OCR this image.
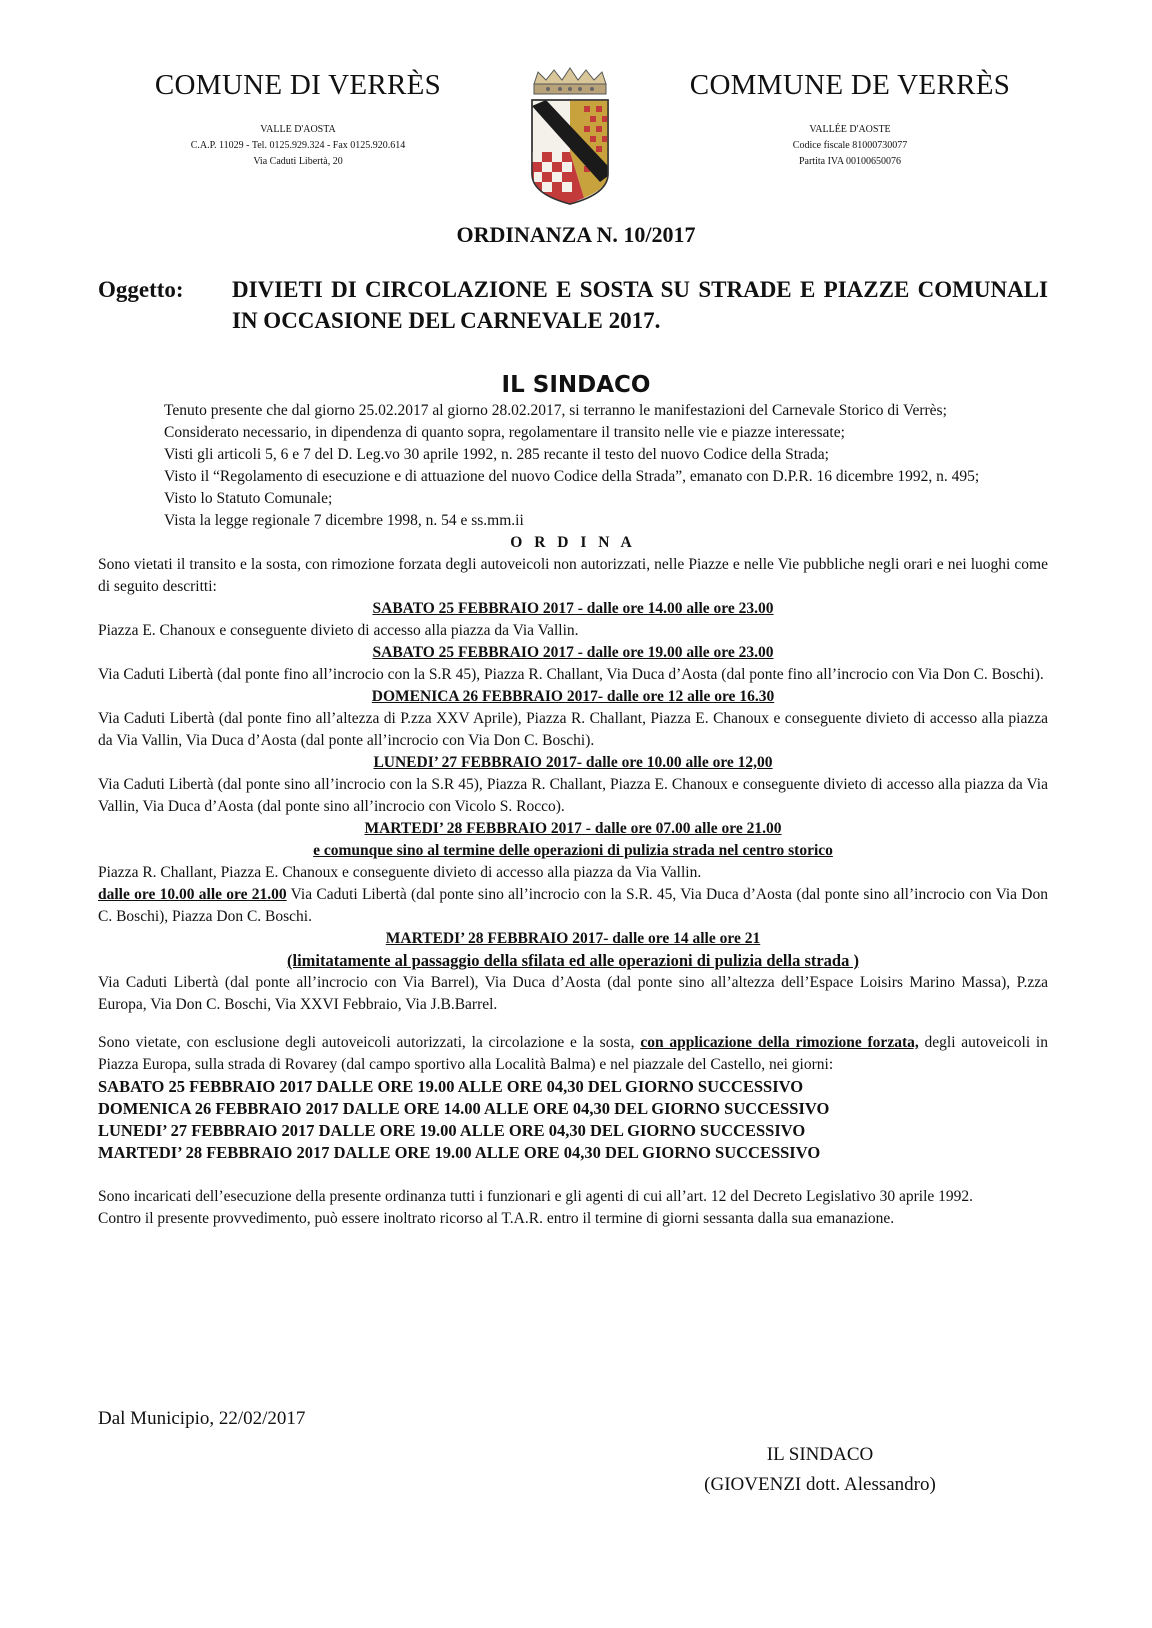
COMUNE DI VERRÈS
VALLE D'AOSTA
C.A.P. 11029 - Tel. 0125.929.324 - Fax 0125.920.614
Via Caduti Libertà, 20
COMMUNE DE VERRÈS
VALLÉE D'AOSTE
Codice fiscale 81000730077
Partita IVA 00100650076
ORDINANZA N. 10/2017
Oggetto: DIVIETI DI CIRCOLAZIONE E SOSTA SU STRADE E PIAZZE COMUNALI IN OCCASIONE DEL CARNEVALE 2017.
IL SINDACO

Tenuto presente che dal giorno 25.02.2017 al giorno 28.02.2017, si terranno le manifestazioni del Carnevale Storico di Verrès;

Considerato necessario, in dipendenza di quanto sopra, regolamentare il transito nelle vie e piazze interessate;

Visti gli articoli 5, 6 e 7 del D. Leg.vo 30 aprile 1992, n. 285 recante il testo del nuovo Codice della Strada;

Visto il “Regolamento di esecuzione e di attuazione del nuovo Codice della Strada”, emanato con D.P.R. 16 dicembre 1992, n. 495;

Visto lo Statuto Comunale;

Vista la legge regionale 7 dicembre 1998, n. 54 e ss.mm.ii

O R D I N A

Sono vietati il transito e la sosta, con rimozione forzata degli autoveicoli non autorizzati, nelle Piazze e nelle Vie pubbliche negli orari e nei luoghi come di seguito descritti:

SABATO 25 FEBBRAIO 2017 - dalle ore 14.00 alle ore 23.00

Piazza E. Chanoux e conseguente divieto di accesso alla piazza da Via Vallin.

SABATO 25 FEBBRAIO 2017 - dalle ore 19.00 alle ore 23.00

Via Caduti Libertà (dal ponte fino all’incrocio con la S.R 45), Piazza R. Challant, Via Duca d’Aosta (dal ponte fino all’incrocio con Via Don C. Boschi).

DOMENICA 26 FEBBRAIO 2017- dalle ore 12 alle ore 16.30

Via Caduti Libertà (dal ponte fino all’altezza di P.zza XXV Aprile), Piazza R. Challant, Piazza E. Chanoux e conseguente divieto di accesso alla piazza da Via Vallin, Via Duca d’Aosta (dal ponte all’incrocio con Via Don C. Boschi).

LUNEDI’ 27 FEBBRAIO 2017- dalle ore 10.00 alle ore 12,00

Via Caduti Libertà (dal ponte sino all’incrocio con la S.R 45), Piazza R. Challant, Piazza E. Chanoux e conseguente divieto di accesso alla piazza da Via Vallin, Via Duca d’Aosta (dal ponte sino all’incrocio con Vicolo S. Rocco).

MARTEDI’ 28 FEBBRAIO 2017 - dalle ore 07.00 alle ore 21.00

e comunque sino al termine delle operazioni di pulizia strada nel centro storico

Piazza R. Challant, Piazza E. Chanoux e conseguente divieto di accesso alla piazza da Via Vallin.

dalle ore 10.00 alle ore 21.00 Via Caduti Libertà (dal ponte sino all’incrocio con la S.R. 45, Via Duca d’Aosta (dal ponte sino all’incrocio con Via Don C. Boschi), Piazza Don C. Boschi.

MARTEDI’ 28 FEBBRAIO 2017- dalle ore 14 alle ore 21

(limitatamente al passaggio della sfilata ed alle operazioni di pulizia della strada )

Via Caduti Libertà (dal ponte all’incrocio con Via Barrel), Via Duca d’Aosta (dal ponte sino all’altezza dell’Espace Loisirs Marino Massa), P.zza Europa, Via Don C. Boschi, Via XXVI Febbraio, Via J.B.Barrel.

Sono vietate, con esclusione degli autoveicoli autorizzati, la circolazione e la sosta, con applicazione della rimozione forzata, degli autoveicoli in Piazza Europa, sulla strada di Rovarey (dal campo sportivo alla Località Balma) e nel piazzale del Castello, nei giorni:

SABATO 25 FEBBRAIO 2017 DALLE ORE 19.00 ALLE ORE 04,30 DEL GIORNO SUCCESSIVO

DOMENICA 26 FEBBRAIO 2017 DALLE ORE 14.00 ALLE ORE 04,30 DEL GIORNO SUCCESSIVO

LUNEDI’ 27 FEBBRAIO 2017 DALLE ORE 19.00 ALLE ORE 04,30 DEL GIORNO SUCCESSIVO

MARTEDI’ 28 FEBBRAIO 2017 DALLE ORE 19.00 ALLE ORE 04,30 DEL GIORNO SUCCESSIVO

Sono incaricati dell’esecuzione della presente ordinanza tutti i funzionari e gli agenti di cui all’art. 12 del Decreto Legislativo 30 aprile 1992.

Contro il presente provvedimento, può essere inoltrato ricorso al T.A.R. entro il termine di giorni sessanta dalla sua emanazione.

Dal Municipio, 22/02/2017
IL SINDACO
(GIOVENZI dott. Alessandro)
